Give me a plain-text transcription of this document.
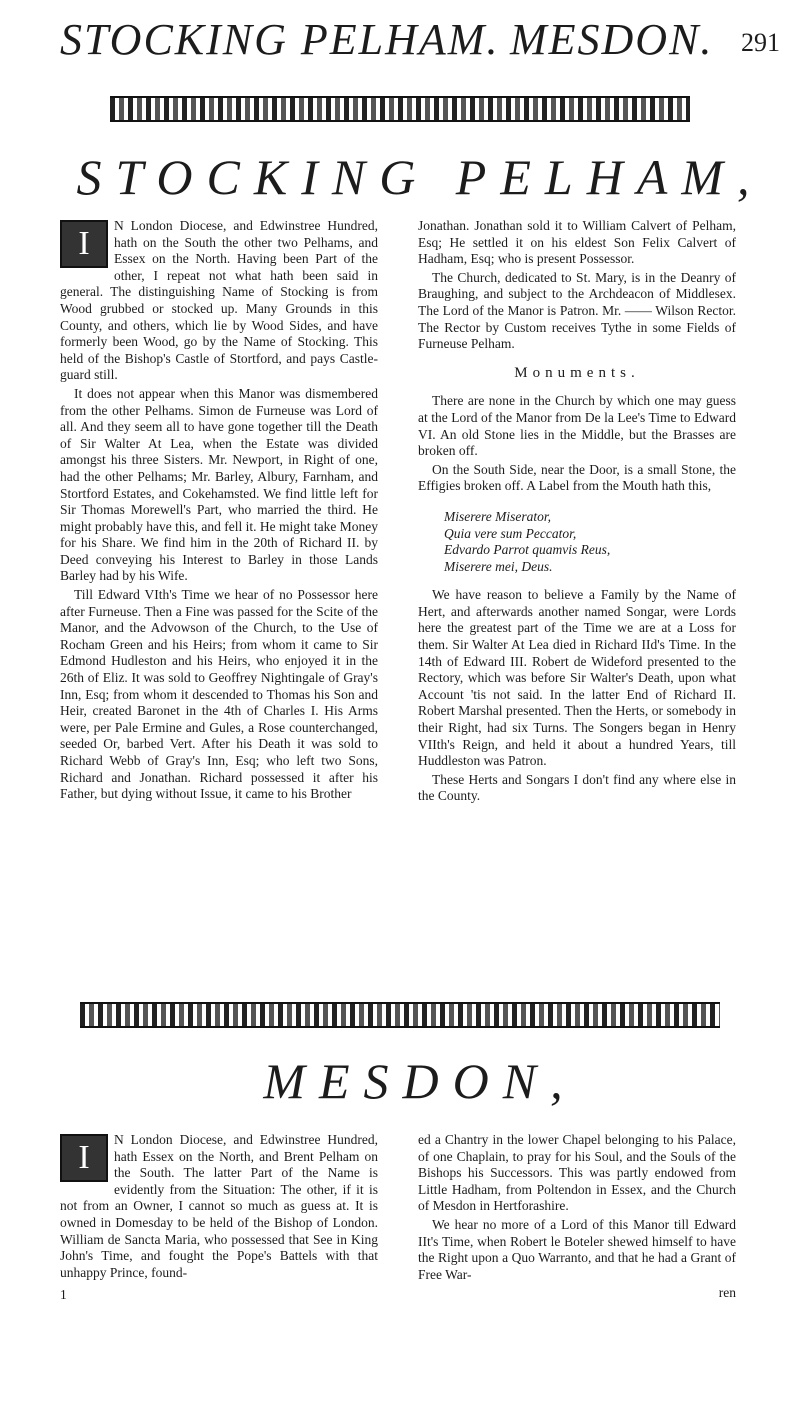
STOCKING PELHAM. MESDON. 291
STOCKING PELHAM,
I	N London Diocese, and Edwinstree Hundred, hath on the South the other two Pelhams, and Essex on the North. Having been Part of the other, I repeat not what hath been said in general. The distinguishing Name of Stocking is from Wood grubbed or stocked up. Many Grounds in this County, and others, which lie by Wood Sides, and have formerly been Wood, go by the Name of Stocking. This held of the Bishop's Castle of Stortford, and pays Castle-guard still.

It does not appear when this Manor was dismembered from the other Pelhams. Simon de Furneuse was Lord of all. And they seem all to have gone together till the Death of Sir Walter At Lea, when the Estate was divided amongst his three Sisters. Mr. Newport, in Right of one, had the other Pelhams; Mr. Barley, Albury, Farnham, and Stortford Estates, and Cokehamsted. We find little left for Sir Thomas Morewell's Part, who married the third. He might probably have this, and fell it. He might take Money for his Share. We find him in the 20th of Richard II. by Deed conveying his Interest to Barley in those Lands Barley had by his Wife.

Till Edward VIth's Time we hear of no Possessor here after Furneuse. Then a Fine was passed for the Scite of the Manor, and the Advowson of the Church, to the Use of Rocham Green and his Heirs; from whom it came to Sir Edmond Hudleston and his Heirs, who enjoyed it in the 26th of Eliz. It was sold to Geoffrey Nightingale of Gray's Inn, Esq; from whom it descended to Thomas his Son and Heir, created Baronet in the 4th of Charles I. His Arms were, per Pale Ermine and Gules, a Rose counterchanged, seeded Or, barbed Vert. After his Death it was sold to Richard Webb of Gray's Inn, Esq; who left two Sons, Richard and Jonathan. Richard possessed it after his Father, but dying without Issue, it came to his Brother

Jonathan. Jonathan sold it to William Calvert of Pelham, Esq; He settled it on his eldest Son Felix Calvert of Hadham, Esq; who is present Possessor.

The Church, dedicated to St. Mary, is in the Deanry of Braughing, and subject to the Archdeacon of Middlesex. The Lord of the Manor is Patron. Mr. —— Wilson Rector. The Rector by Custom receives Tythe in some Fields of Furneuse Pelham.

Monuments.

There are none in the Church by which one may guess at the Lord of the Manor from De la Lee's Time to Edward VI. An old Stone lies in the Middle, but the Brasses are broken off.

On the South Side, near the Door, is a small Stone, the Effigies broken off. A Label from the Mouth hath this,

Miserere Miserator,

Quia vere sum Peccator,

Edvardo Parrot quamvis Reus,

Miserere mei, Deus.

We have reason to believe a Family by the Name of Hert, and afterwards another named Songar, were Lords here the greatest part of the Time we are at a Loss for them. Sir Walter At Lea died in Richard IId's Time. In the 14th of Edward III. Robert de Wideford presented to the Rectory, which was before Sir Walter's Death, upon what Account 'tis not said. In the latter End of Richard II. Robert Marshal presented. Then the Herts, or somebody in their Right, had six Turns. The Songers began in Henry VIIth's Reign, and held it about a hundred Years, till Huddleston was Patron.

These Herts and Songars I don't find any where else in the County.

MESDON,
I	N London Diocese, and Edwinstree Hundred, hath Essex on the North, and Brent Pelham on the South. The latter Part of the Name is evidently from the Situation: The other, if it is not from an Owner, I cannot so much as guess at. It is owned in Domesday to be held of the Bishop of London. William de Sancta Maria, who possessed that See in King John's Time, and fought the Pope's Battels with that unhappy Prince, found-

1

ed a Chantry in the lower Chapel belonging to his Palace, of one Chaplain, to pray for his Soul, and the Souls of the Bishops his Successors. This was partly endowed from Little Hadham, from Poltendon in Essex, and the Church of Mesdon in Hertforashire.

We hear no more of a Lord of this Manor till Edward IIt's Time, when Robert le Boteler shewed himself to have the Right upon a Quo Warranto, and that he had a Grant of Free War-

ren
